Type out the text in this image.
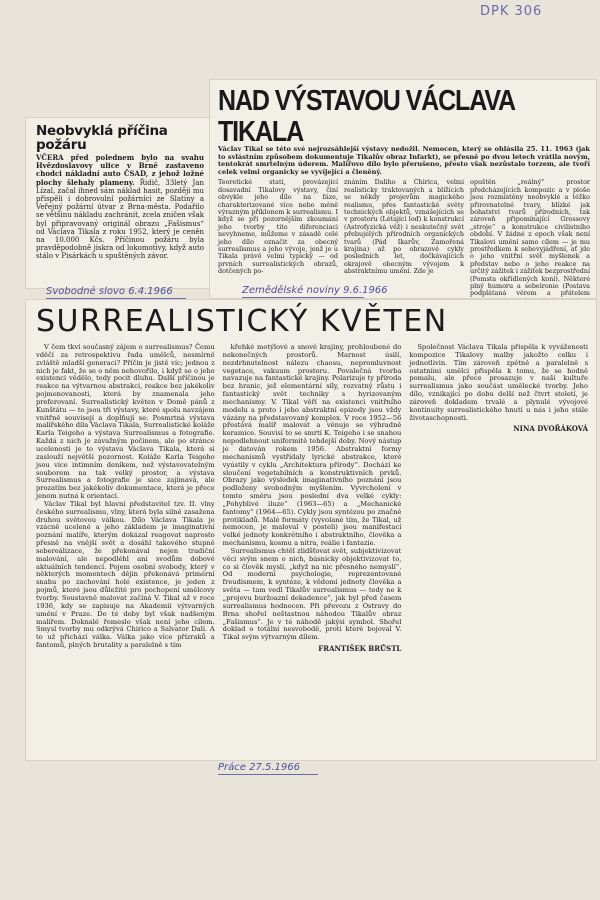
DPK 306
Neobvyklá příčina požáru
VČERA před polednem bylo na svahu Hvězdoslavovy ulice v Brně zastaveno chodci nákladní auto ČSAD, z jehož ložné plochy šlehaly plameny. Řidič, 33letý Jan Lízal, začal ihned sám náklad hasit, později mu přispěli i dobrovolní požárníci ze Slatiny a Veřejný požární útvar z Brna-města. Podařilo se většinu nákladu zachránit, zcela zničen však byl připravovaný originál obrazu „Fašismus“ od Václava Tikala z roku 1952, který je ceněn na 10.000 Kčs. Příčinou požáru byla pravděpodobně jiskra od lokomotivy, když auto stálo v Pisárkách u spuštěných závor.
Svobodné slovo 6.4.1966
NAD VÝSTAVOU VÁCLAVA TIKALA
Václav Tikal se této své nejrozsáhlejší výstavy nedožil. Nemocen, který se ohlásila 25. 11. 1963 (jak to svlástním způsobem dokumentuje Tikalův obraz Infarkt), se přesně po dvou letech vrátila novým, tentokrát smrtelným úderem. Malířovo dílo bylo přerušeno, přesto však nezůstalo torzem, ale tvoří celek velmi organicky se vyvíjející a členěný.
Teoretické stati, provázející dosavadní Tikalovy výstavy, činí obvykle jeho dílo na fáze, charakterizované více nebo méně výrazným příklonem k surrealismu. I když se při pozornějším zkoumání jeho tvorby tito diferenciaci nevyhneme, můžeme v zásadě celé jeho dílo označit za obecný surrealismus a jeho vývoje, jenž je u Tikala právě velmi typický — od prvních surrealistických obrazů, dotčených po-
znáním Daliho a Chirica, velmi realisticky traktovaných a blížících se někdy projevům magického realismu, přes fantastické světy technických objektů, vznášejících se v prostoru (Létající loď) k konstrukcí (Astrofyzická věž) i neskutečný svět přebujelých přírodních organických tvarů (Pád Ikarův, Zamořená krajina) až po obrazové cykly posledních let, dočkávajících okrajově obecným vývojem k abstraktnímu umění. Zde je
opuštěn „reálný“ prostor předcházejících kompozic a v ploše jsou rozmístěny neobvyklé a téžko přirovnatelné tvary, blízké jak bohatství tvarů přírodních, tak zároveň připomínající Grossovy „stroje“ a konstrukce civilistního období. V žádné z epoch však není Tikalovi umění samo cílem — je mu prostředkem k sebevyjádření, ať jde o jeho vnitřní svět myšlenek a představ nebo o jeho reakce na určitý zážitek i zážitek bezprostřední (Pomsta okřídlených koní). Některé plný humoru a sebeironie (Postava podplátaná věrem a přátelem
Zemědělské noviny 9.6.1966
SURREALISTICKÝ KVĚTEN

V čem tkví současný zájem o surrealismus? Čemu vděčí za retrospektivu řada umělců, nesmírně zvláště mladší generaci? Příčin je jistě víc; jednou z nich je fakt, že se o něm nehovořilo, i když se o jeho existenci vědělo, tedy pocit dluhu. Další příčinou je reakce na výtvarnou abstrakci, reakce bez jakékoliv pojmenovanosti, která by znamenala jeho preferovaní. Surrealistický květen v Domě pánů z Kunštátu — to jsou tři výstavy, které spolu navzájem vnitřně souvisejí a doplňují se: Posmrtná výstava malířského díla Václava Tikala, Surrealistické koláže Karla Teigeho a výstava Surrealismus a fotografie. Každá z nich je závažným počinem, ale po stránce ucelenosti je to výstava Václava Tikala, která si zaslouží největší pozornost. Koláže Karla Teigeho jsou více intimním deníkem, než výstavovatelným souborem na tak velký prostor, a výstava Surrealismus a fotografie je sice zajímavá, ale prozatím bez jakékoliv dokumentace, která je přece jenom nutná k orientaci.

Václav Tikal byl hlavní představitel tzv. II. vlny českého surrealismu, vlny, která byla silně zasažena druhou světovou válkou. Dílo Václava Tikala je vzácně ucelené a jeho základem je imaginativní poznání malíře, kterým dokázal reagovat naprosto přesně na vnější svět a dosáhl takového stupně sebereálizace, že překonával nejen tradiční malování, ale nepodléhl ani svodům dobové aktuálních tendencí. Pojem osobní svobody, který v některých momentech dějin překonává primérní snahu po zachování holé existence, je jeden z pojmů, které jsou důležité pro pochopení umělcovy tvorby. Soustavně malovat začíná V. Tikal až v roce 1936, kdy se zapisuje na Akademii výtvarných umění v Praze. Do té doby byl však nadšeným malířem. Doknalé řemeslo však není jeho cílem. Smysl tvorby mu odkrývá Chirico a Salvator Dalí. A to už přichází válka. Válka jako více přízraků a fantomů, plných brutality a paralelně s tím

křehké motýlové a snové krajiny, prohloubené do nekonečných prostorů. Marnost úsilí, nezdrhnutelnost nálezu chaosu, nepromluvnost vegetace, vakuum prostoru. Povalečná tvorba navazuje na fantastické krajiny. Polarizuje ty příroda bez hranic, jež elementární síly, rozvatný růstu i fantastický svět techniky s hyrizovaným mechanismy. V. Tikal věří na existenci vnitřního modelu a proto i jeho abstraktní epizody jsou vždy vázány na představovaný komplex. V roce 1952—56 přestává malíř malovat a věnuje se výhradně keramice. Souvisí to se smrtí K. Teigeho i se snahou nepodlehnout uniformitě tehdejší doby. Nový nástup je datován rokem 1956. Abstraktní formy mechanismů vystřídaly lyrické abstrakce, které vyústily v cyklu „Architektura přírody“. Dochází ke sloučení vegetabilních a konstruktivních prvků. Obrazy jako výsledek imaginativního poznání jsou podloženy svobodným myšlením. Vyvrcholení v tomto směru jsou poslední dva velké cykly: „Pohyblivé iluze“ (1963—65) a „Mechanické fantomy“ (1964—65). Cykly jsou syntézou po značné protikladů. Malé formáty (vyvolané tím, že Tikal, už nemocen, je maloval v posteli) jsou manifestací velké jednoty konkrétního i abstraktního, člověka a mechanismu, kosmu a nitra, reálie i fantazie.

Surrealismus chtěl zlidšťovat svět, subjektivizovat věci svým snem o nich, básnicky objektivizovat to, co si člověk myslí, „když na nic přesného nemyslí“. Od moderní psychologie, reprezentované freudismem, k syntéze, k vědomí jednoty člověka a světa — tam vedl Tikalův surrealismus — tedy ne k „projevu buržoazní dekadence“, jak byl před časem surrealismus hodnocen. Při převozu z Ostravy do Brna shořel neštastnou náhodou Tikalův obraz „Fašismus“. Je v té náhodě jakýsi symbol. Shořel doklad o totální nesvobodě, proti které bojoval V. Tikal svým výtvarným dílem.

FRANTIŠEK BRŮSTL

Společnost Václava Tikala přispěla k vyváženosti kompozice Tikalovy malby jakožto celku i jednotlivin. Tím zároveň zpětně a paralelně s ostatními umělci přispěla k tomu, že se hodně pomalu, ale přece prosazuje v naší kultuře surrealismus jako součást umělecké tvorby. Jeho dílo, vznikající po dobu delší než čtvrt století, je zároveň dokladem trvalé a plynulé vývojové kontinuity surrealistického hnutí u nás i jeho stále životaschopnosti.

NINA DVOŘÁKOVÁ

Práce 27.5.1966
